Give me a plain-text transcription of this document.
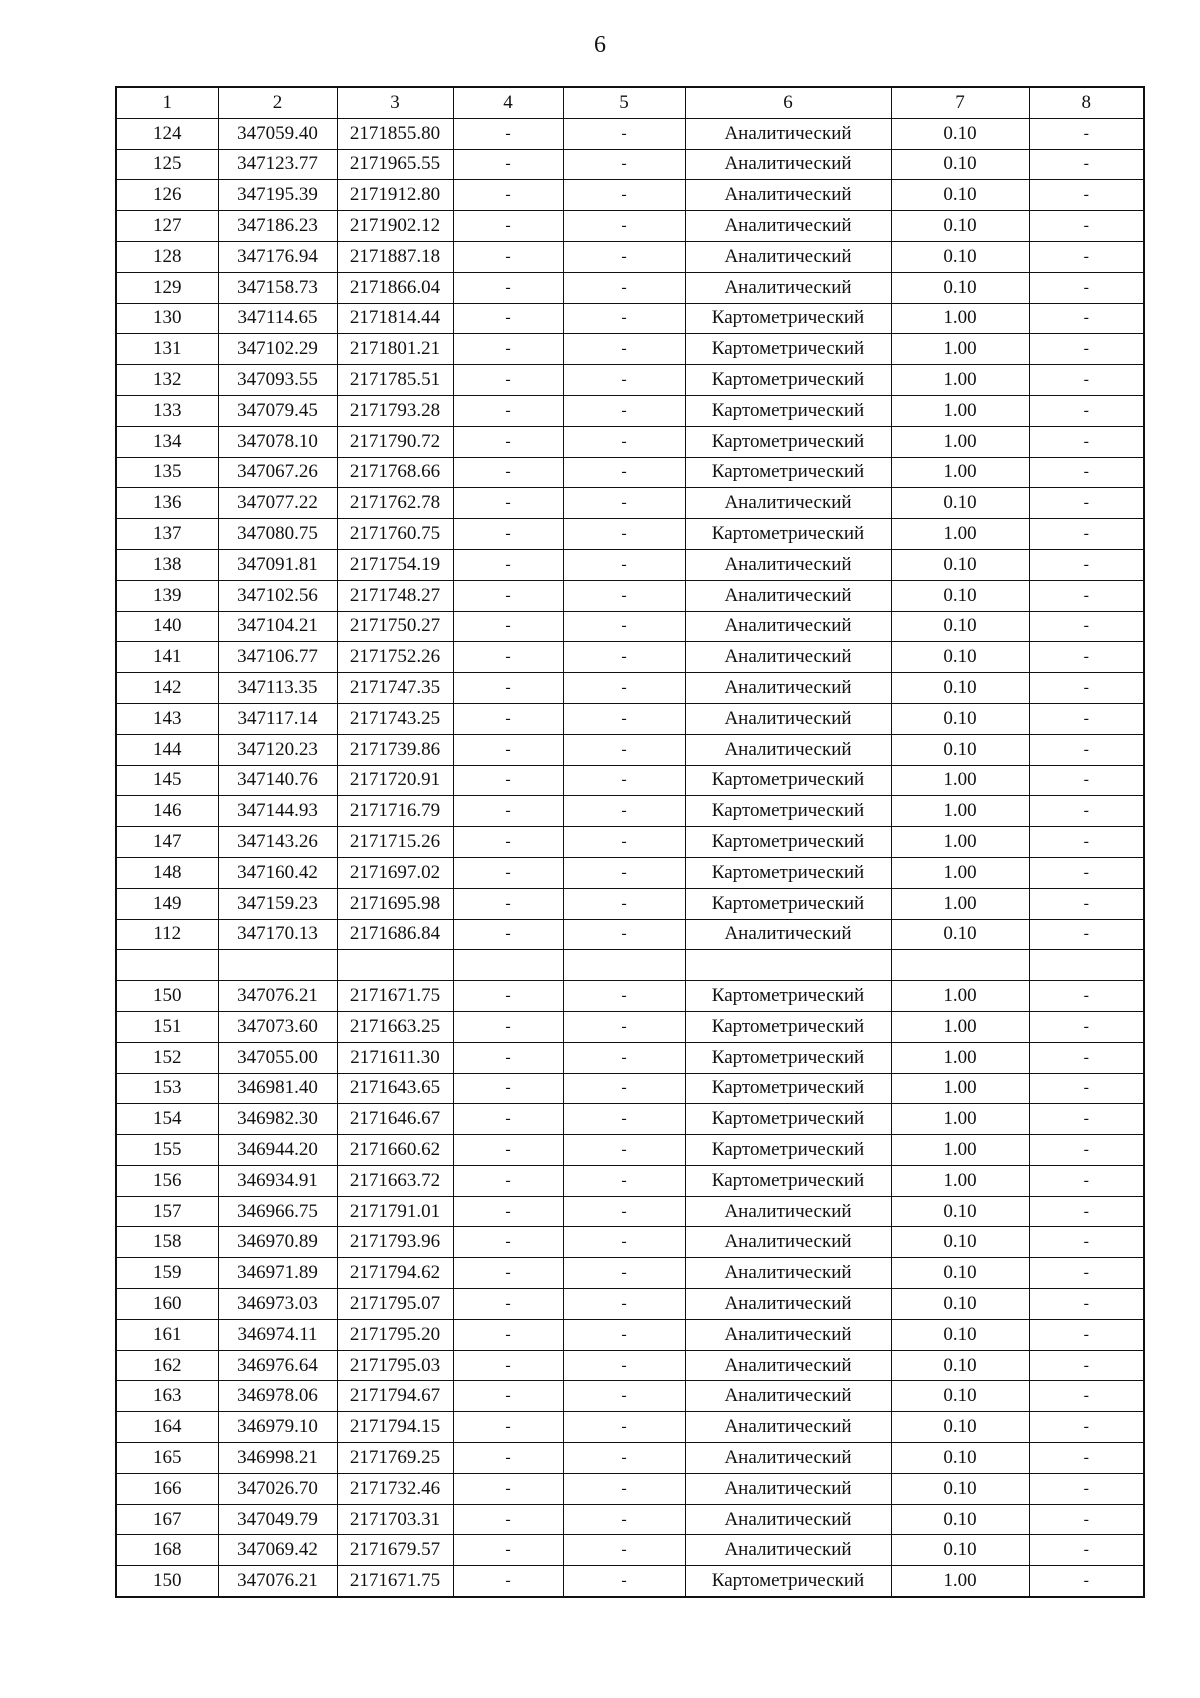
6
1	2	3	4	5	6	7	8
124	347059.40	2171855.80	-	-	Аналитический	0.10	-
125	347123.77	2171965.55	-	-	Аналитический	0.10	-
126	347195.39	2171912.80	-	-	Аналитический	0.10	-
127	347186.23	2171902.12	-	-	Аналитический	0.10	-
128	347176.94	2171887.18	-	-	Аналитический	0.10	-
129	347158.73	2171866.04	-	-	Аналитический	0.10	-
130	347114.65	2171814.44	-	-	Картометрический	1.00	-
131	347102.29	2171801.21	-	-	Картометрический	1.00	-
132	347093.55	2171785.51	-	-	Картометрический	1.00	-
133	347079.45	2171793.28	-	-	Картометрический	1.00	-
134	347078.10	2171790.72	-	-	Картометрический	1.00	-
135	347067.26	2171768.66	-	-	Картометрический	1.00	-
136	347077.22	2171762.78	-	-	Аналитический	0.10	-
137	347080.75	2171760.75	-	-	Картометрический	1.00	-
138	347091.81	2171754.19	-	-	Аналитический	0.10	-
139	347102.56	2171748.27	-	-	Аналитический	0.10	-
140	347104.21	2171750.27	-	-	Аналитический	0.10	-
141	347106.77	2171752.26	-	-	Аналитический	0.10	-
142	347113.35	2171747.35	-	-	Аналитический	0.10	-
143	347117.14	2171743.25	-	-	Аналитический	0.10	-
144	347120.23	2171739.86	-	-	Аналитический	0.10	-
145	347140.76	2171720.91	-	-	Картометрический	1.00	-
146	347144.93	2171716.79	-	-	Картометрический	1.00	-
147	347143.26	2171715.26	-	-	Картометрический	1.00	-
148	347160.42	2171697.02	-	-	Картометрический	1.00	-
149	347159.23	2171695.98	-	-	Картометрический	1.00	-
112	347170.13	2171686.84	-	-	Аналитический	0.10	-

150	347076.21	2171671.75	-	-	Картометрический	1.00	-
151	347073.60	2171663.25	-	-	Картометрический	1.00	-
152	347055.00	2171611.30	-	-	Картометрический	1.00	-
153	346981.40	2171643.65	-	-	Картометрический	1.00	-
154	346982.30	2171646.67	-	-	Картометрический	1.00	-
155	346944.20	2171660.62	-	-	Картометрический	1.00	-
156	346934.91	2171663.72	-	-	Картометрический	1.00	-
157	346966.75	2171791.01	-	-	Аналитический	0.10	-
158	346970.89	2171793.96	-	-	Аналитический	0.10	-
159	346971.89	2171794.62	-	-	Аналитический	0.10	-
160	346973.03	2171795.07	-	-	Аналитический	0.10	-
161	346974.11	2171795.20	-	-	Аналитический	0.10	-
162	346976.64	2171795.03	-	-	Аналитический	0.10	-
163	346978.06	2171794.67	-	-	Аналитический	0.10	-
164	346979.10	2171794.15	-	-	Аналитический	0.10	-
165	346998.21	2171769.25	-	-	Аналитический	0.10	-
166	347026.70	2171732.46	-	-	Аналитический	0.10	-
167	347049.79	2171703.31	-	-	Аналитический	0.10	-
168	347069.42	2171679.57	-	-	Аналитический	0.10	-
150	347076.21	2171671.75	-	-	Картометрический	1.00	-
